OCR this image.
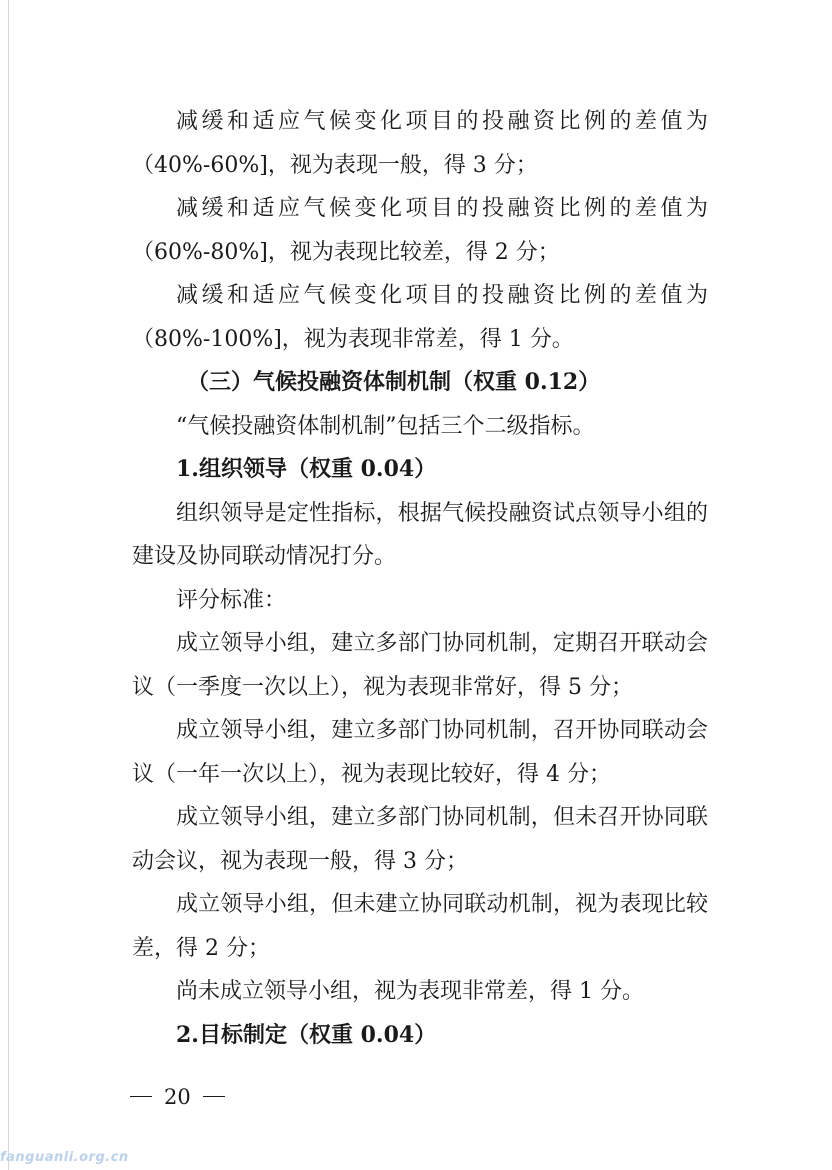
减缓和适应气候变化项目的投融资比例的差值为
（40%-60%]，视为表现一般，得 3 分；
减缓和适应气候变化项目的投融资比例的差值为
（60%-80%]，视为表现比较差，得 2 分；
减缓和适应气候变化项目的投融资比例的差值为
（80%-100%]，视为表现非常差，得 1 分。
（三）气候投融资体制机制（权重 0.12）
“气候投融资体制机制”包括三个二级指标。
1.组织领导（权重 0.04）
组织领导是定性指标，根据气候投融资试点领导小组的
建设及协同联动情况打分。
评分标准：
成立领导小组，建立多部门协同机制，定期召开联动会
议（一季度一次以上），视为表现非常好，得 5 分；
成立领导小组，建立多部门协同机制，召开协同联动会
议（一年一次以上），视为表现比较好，得 4 分；
成立领导小组，建立多部门协同机制，但未召开协同联
动会议，视为表现一般，得 3 分；
成立领导小组，但未建立协同联动机制，视为表现比较
差，得 2 分；
尚未成立领导小组，视为表现非常差，得 1 分。
2.目标制定（权重 0.04）
20
fanguanli.org.cn
